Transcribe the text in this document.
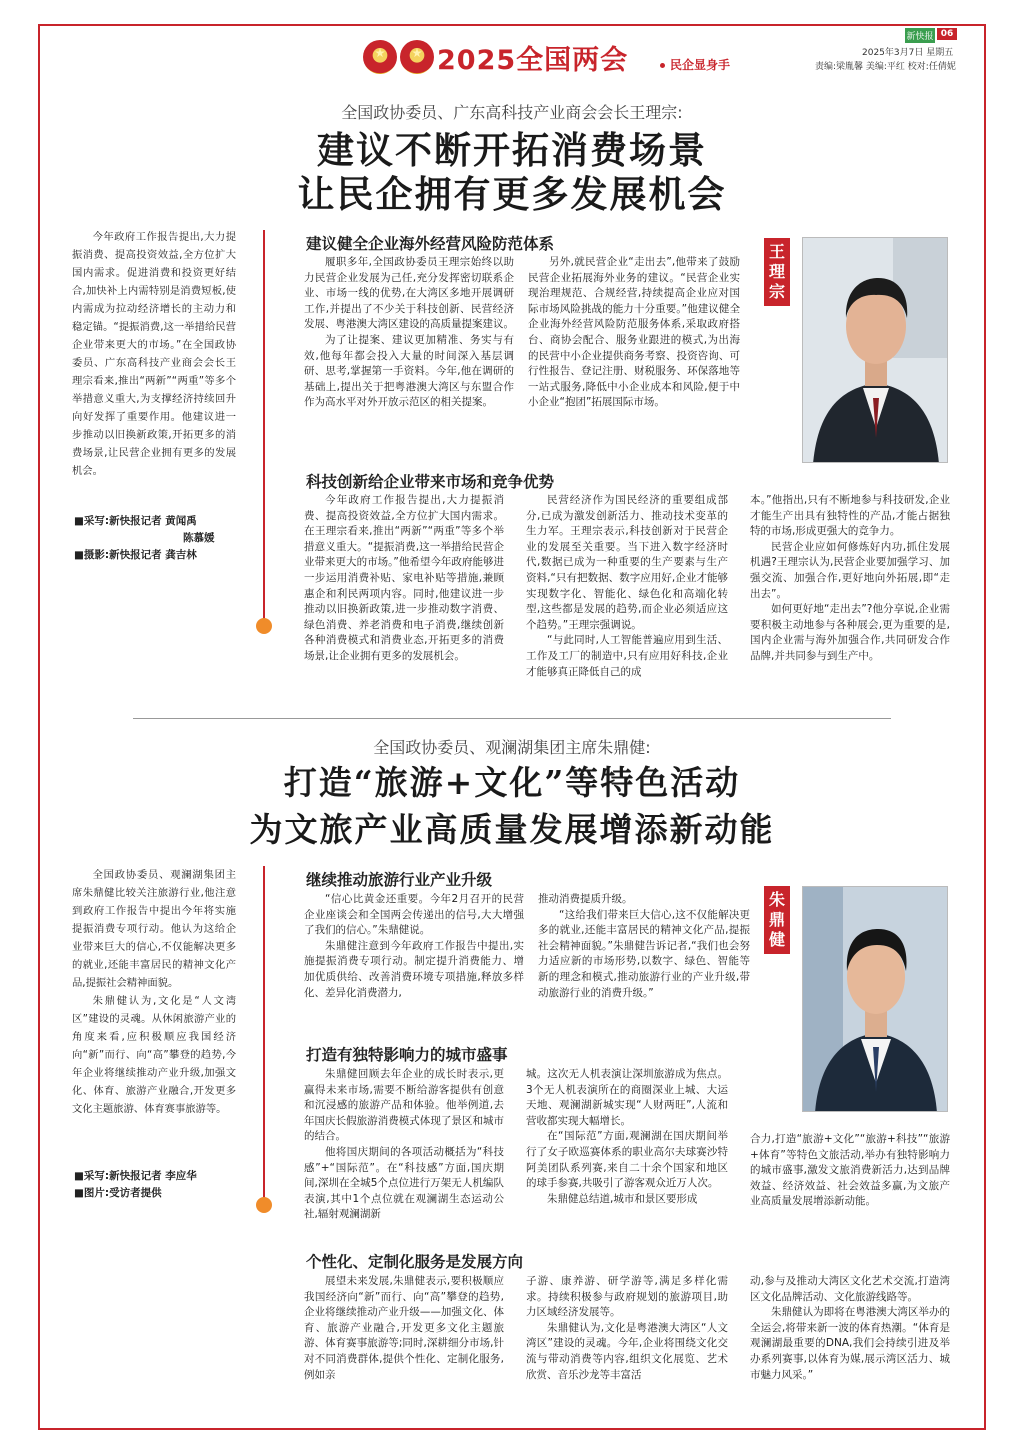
2025全国两会	民企显身手
新快报 06
2025年3月7日 星期五
责编:梁胤馨 美编:平红 校对:任倩妮
全国政协委员、广东高科技产业商会会长王理宗:
建议不断开拓消费场景
让民企拥有更多发展机会

今年政府工作报告提出,大力提振消费、提高投资效益,全方位扩大国内需求。促进消费和投资更好结合,加快补上内需特别是消费短板,使内需成为拉动经济增长的主动力和稳定锚。“提振消费,这一举措给民营企业带来更大的市场。”在全国政协委员、广东高科技产业商会会长王理宗看来,推出“两新”“两重”等多个举措意义重大,为支撑经济持续回升向好发挥了重要作用。他建议进一步推动以旧换新政策,开拓更多的消费场景,让民营企业拥有更多的发展机会。

■采写:新快报记者 黄闻禹
陈慕媛
■摄影:新快报记者 龚吉林
建议健全企业海外经营风险防范体系

履职多年,全国政协委员王理宗始终以助力民营企业发展为己任,充分发挥密切联系企业、市场一线的优势,在大湾区多地开展调研工作,并提出了不少关于科技创新、民营经济发展、粤港澳大湾区建设的高质量提案建议。

为了让提案、建议更加精准、务实与有效,他每年都会投入大量的时间深入基层调研、思考,掌握第一手资料。今年,他在调研的基础上,提出关于把粤港澳大湾区与东盟合作作为高水平对外开放示范区的相关提案。

另外,就民营企业“走出去”,他带来了鼓励民营企业拓展海外业务的建议。“民营企业实现治理规范、合规经营,持续提高企业应对国际市场风险挑战的能力十分重要。”他建议健全企业海外经营风险防范服务体系,采取政府搭台、商协会配合、服务业跟进的模式,为出海的民营中小企业提供商务考察、投资咨询、可行性报告、登记注册、财税服务、环保落地等一站式服务,降低中小企业成本和风险,便于中小企业“抱团”拓展国际市场。

王
理
宗
科技创新给企业带来市场和竞争优势

今年政府工作报告提出,大力提振消费、提高投资效益,全方位扩大国内需求。在王理宗看来,推出“两新”“两重”等多个举措意义重大。“提振消费,这一举措给民营企业带来更大的市场。”他希望今年政府能够进一步运用消费补贴、家电补贴等措施,兼顾惠企和利民两项内容。同时,他建议进一步推动以旧换新政策,进一步推动数字消费、绿色消费、养老消费和电子消费,继续创新各种消费模式和消费业态,开拓更多的消费场景,让企业拥有更多的发展机会。

民营经济作为国民经济的重要组成部分,已成为激发创新活力、推动技术变革的生力军。王理宗表示,科技创新对于民营企业的发展至关重要。当下进入数字经济时代,数据已成为一种重要的生产要素与生产资料,“只有把数据、数字应用好,企业才能够实现数字化、智能化、绿色化和高端化转型,这些都是发展的趋势,而企业必须适应这个趋势。”王理宗强调说。

“与此同时,人工智能普遍应用到生活、工作及工厂的制造中,只有应用好科技,企业才能够真正降低自己的成

本。”他指出,只有不断地参与科技研发,企业才能生产出具有独特性的产品,才能占据独特的市场,形成更强大的竞争力。

民营企业应如何修炼好内功,抓住发展机遇?王理宗认为,民营企业要加强学习、加强交流、加强合作,更好地向外拓展,即“走出去”。

如何更好地“走出去”?他分享说,企业需要积极主动地参与各种展会,更为重要的是,国内企业需与海外加强合作,共同研发合作品牌,并共同参与到生产中。

全国政协委员、观澜湖集团主席朱鼎健:
打造“旅游+文化”等特色活动
为文旅产业高质量发展增添新动能

全国政协委员、观澜湖集团主席朱鼎健比较关注旅游行业,他注意到政府工作报告中提出今年将实施提振消费专项行动。他认为这给企业带来巨大的信心,不仅能解决更多的就业,还能丰富居民的精神文化产品,提振社会精神面貌。

朱鼎健认为,文化是“人文湾区”建设的灵魂。从休闲旅游产业的角度来看,应积极顺应我国经济向“新”而行、向“高”攀登的趋势,今年企业将继续推动产业升级,加强文化、体育、旅游产业融合,开发更多文化主题旅游、体育赛事旅游等。

■采写:新快报记者 李应华
■图片:受访者提供
继续推动旅游行业产业升级

“信心比黄金还重要。今年2月召开的民营企业座谈会和全国两会传递出的信号,大大增强了我们的信心。”朱鼎健说。

朱鼎健注意到今年政府工作报告中提出,实施提振消费专项行动。制定提升消费能力、增加优质供给、改善消费环境专项措施,释放多样化、差异化消费潜力,

推动消费提质升级。

“这给我们带来巨大信心,这不仅能解决更多的就业,还能丰富居民的精神文化产品,提振社会精神面貌。”朱鼎健告诉记者,“我们也会努力适应新的市场形势,以数字、绿色、智能等新的理念和模式,推动旅游行业的产业升级,带动旅游行业的消费升级。”

朱
鼎
健
打造有独特影响力的城市盛事

朱鼎健回顾去年企业的成长时表示,更赢得未来市场,需要不断给游客提供有创意和沉浸感的旅游产品和体验。他举例道,去年国庆长假旅游消费模式体现了景区和城市的结合。

他将国庆期间的各项活动概括为“科技感”+“国际范”。在“科技感”方面,国庆期间,深圳在全城5个点位进行万架无人机编队表演,其中1个点位就在观澜湖生态运动公社,辐射观澜湖新

城。这次无人机表演让深圳旅游成为焦点。3个无人机表演所在的商圈深业上城、大运天地、观澜湖新城实现“人财两旺”,人流和营收都实现大幅增长。

在“国际范”方面,观澜湖在国庆期间举行了女子欧巡赛体系的职业高尔夫球赛沙特阿美团队系列赛,来自二十余个国家和地区的球手参赛,共吸引了游客观众近万人次。

朱鼎健总结道,城市和景区要形成

合力,打造“旅游+文化”“旅游+科技”“旅游+体育”等特色文旅活动,举办有独特影响力的城市盛事,激发文旅消费新活力,达到品牌效益、经济效益、社会效益多赢,为文旅产业高质量发展增添新动能。

个性化、定制化服务是发展方向

展望未来发展,朱鼎健表示,要积极顺应我国经济向“新”而行、向“高”攀登的趋势,企业将继续推动产业升级——加强文化、体育、旅游产业融合,开发更多文化主题旅游、体育赛事旅游等;同时,深耕细分市场,针对不同消费群体,提供个性化、定制化服务,例如亲

子游、康养游、研学游等,满足多样化需求。持续积极参与政府规划的旅游项目,助力区域经济发展等。

朱鼎健认为,文化是粤港澳大湾区“人文湾区”建设的灵魂。今年,企业将围绕文化交流与带动消费等内容,组织文化展览、艺术欣赏、音乐沙龙等丰富活

动,参与及推动大湾区文化艺术交流,打造湾区文化品牌活动、文化旅游线路等。

朱鼎健认为即将在粤港澳大湾区举办的全运会,将带来新一波的体育热潮。“体育是观澜湖最重要的DNA,我们会持续引进及举办系列赛事,以体育为媒,展示湾区活力、城市魅力风采。”
